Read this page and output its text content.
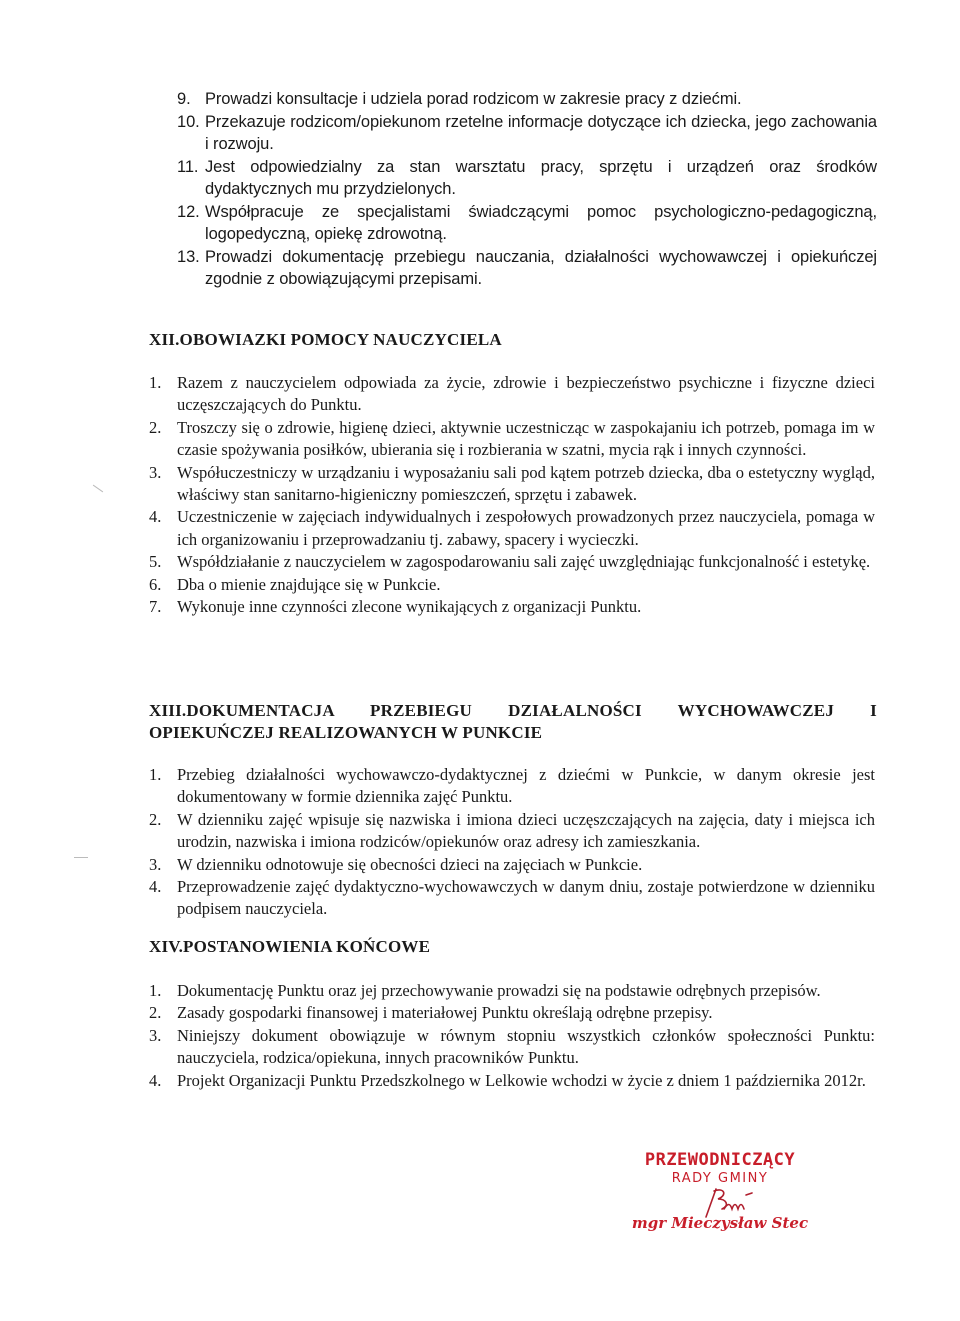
9. Prowadzi konsultacje i udziela porad rodzicom w zakresie pracy z dziećmi.
10. Przekazuje rodzicom/opiekunom rzetelne informacje dotyczące ich dziecka, jego zachowania i rozwoju.
11. Jest odpowiedzialny za stan warsztatu pracy, sprzętu i urządzeń oraz środków dydaktycznych mu przydzielonych.
12. Współpracuje ze specjalistami świadczącymi pomoc psychologiczno-pedagogiczną, logopedyczną, opiekę zdrowotną.
13. Prowadzi dokumentację przebiegu nauczania, działalności wychowawczej i opiekuńczej zgodnie z obowiązującymi przepisami.
XII.OBOWIAZKI POMOCY NAUCZYCIELA
1. Razem z nauczycielem odpowiada za życie, zdrowie i bezpieczeństwo psychiczne i fizyczne dzieci uczęszczających do Punktu.
2. Troszczy się o zdrowie, higienę dzieci, aktywnie uczestnicząc w zaspokajaniu ich potrzeb, pomaga im w czasie spożywania posiłków, ubierania się i rozbierania w szatni, mycia rąk i innych czynności.
3. Współuczestniczy w urządzaniu i wyposażaniu sali pod kątem potrzeb dziecka, dba o estetyczny wygląd, właściwy stan sanitarno-higieniczny pomieszczeń, sprzętu i zabawek.
4. Uczestniczenie w zajęciach indywidualnych i zespołowych prowadzonych przez nauczyciela, pomaga w ich organizowaniu i przeprowadzaniu tj. zabawy, spacery i wycieczki.
5. Współdziałanie z nauczycielem w zagospodarowaniu sali zajęć uwzględniając funkcjonalność i estetykę.
6. Dba o mienie znajdujące się w Punkcie.
7. Wykonuje inne czynności zlecone wynikających z organizacji Punktu.
XIII.DOKUMENTACJA PRZEBIEGU DZIAŁALNOŚCI WYCHOWAWCZEJ I OPIEKUŃCZEJ REALIZOWANYCH W PUNKCIE
1. Przebieg działalności wychowawczo-dydaktycznej z dziećmi w Punkcie, w danym okresie jest dokumentowany w formie dziennika zajęć Punktu.
2. W dzienniku zajęć wpisuje się nazwiska i imiona dzieci uczęszczających na zajęcia, daty i miejsca ich urodzin, nazwiska i imiona rodziców/opiekunów oraz adresy ich zamieszkania.
3. W dzienniku odnotowuje się obecności dzieci na zajęciach w Punkcie.
4. Przeprowadzenie zajęć dydaktyczno-wychowawczych w danym dniu, zostaje potwierdzone w dzienniku podpisem nauczyciela.
XIV.POSTANOWIENIA KOŃCOWE
1. Dokumentację Punktu oraz jej przechowywanie prowadzi się na podstawie odrębnych przepisów.
2. Zasady gospodarki finansowej i materiałowej Punktu określają odrębne przepisy.
3. Niniejszy dokument obowiązuje w równym stopniu wszystkich członków społeczności Punktu: nauczyciela, rodzica/opiekuna, innych pracowników Punktu.
4. Projekt Organizacji Punktu Przedszkolnego w Lelkowie wchodzi w życie z dniem 1 października 2012r.
PRZEWODNICZĄCY
RADY GMINY
mgr Mieczysław Stec
